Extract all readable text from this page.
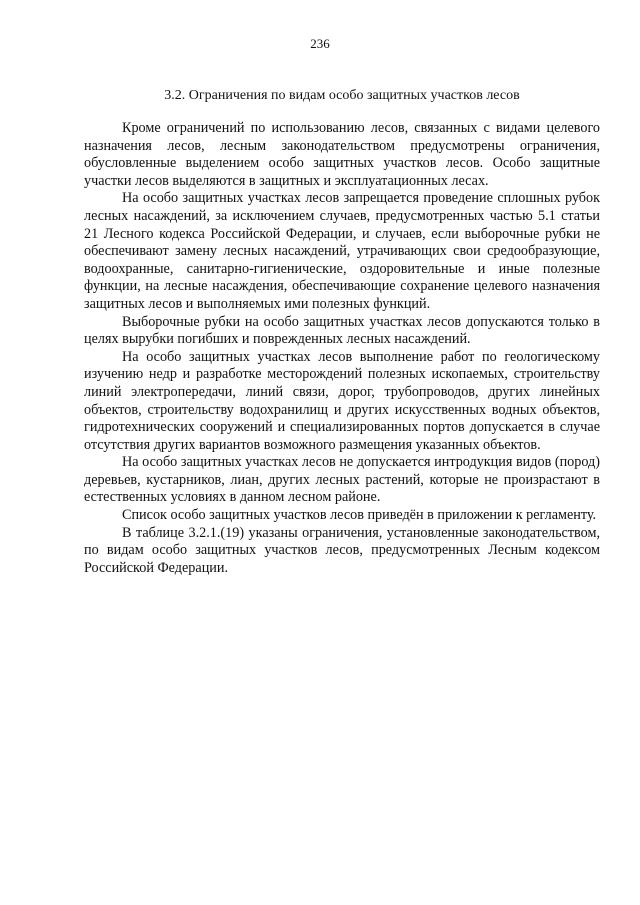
236
3.2. Ограничения по видам особо защитных участков лесов

Кроме ограничений по использованию лесов, связанных с видами целевого назначения лесов, лесным законодательством предусмотрены ограничения, обусловленные выделением особо защитных участков лесов. Особо защитные участки лесов выделяются в защитных и эксплуатационных лесах.

На особо защитных участках лесов запрещается проведение сплошных рубок лесных насаждений, за исключением случаев, предусмотренных частью 5.1 статьи 21 Лесного кодекса Российской Федерации, и случаев, если выборочные рубки не обеспечивают замену лесных насаждений, утрачивающих свои средообразующие, водоохранные, санитарно-гигиенические, оздоровительные и иные полезные функции, на лесные насаждения, обеспечивающие сохранение целевого назначения защитных лесов и выполняемых ими полезных функций.

Выборочные рубки на особо защитных участках лесов допускаются только в целях вырубки погибших и поврежденных лесных насаждений.

На особо защитных участках лесов выполнение работ по геологическому изучению недр и разработке месторождений полезных ископаемых, строительству линий электропередачи, линий связи, дорог, трубопроводов, других линейных объектов, строительству водохранилищ и других искусственных водных объектов, гидротехнических сооружений и специализированных портов допускается в случае отсутствия других вариантов возможного размещения указанных объектов.

На особо защитных участках лесов не допускается интродукция видов (пород) деревьев, кустарников, лиан, других лесных растений, которые не произрастают в естественных условиях в данном лесном районе.

Список особо защитных участков лесов приведён в приложении к регламенту.

В таблице 3.2.1.(19) указаны ограничения, установленные законодательством, по видам особо защитных участков лесов, предусмотренных Лесным кодексом Российской Федерации.
